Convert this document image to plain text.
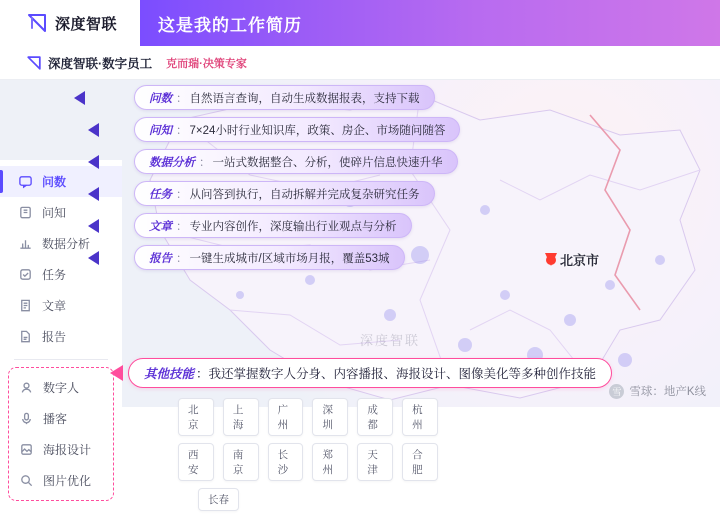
深度智联 这是我的工作简历
深度智联·数字员工 克而瑞·决策专家
深度智联
北京市
问数
问知
数据分析
任务
文章
报告
数字人
播客
海报设计
图片优化
问数 ： 自然语言查询，自动生成数据报表，支持下载
问知 ： 7×24小时行业知识库，政策、房企、市场随问随答
数据分析 ： 一站式数据整合、分析，使碎片信息快速升华
任务 ： 从问答到执行，自动拆解并完成复杂研究任务
文章 ： 专业内容创作，深度输出行业观点与分析
报告 ： 一键生成城市/区域市场月报，覆盖53城
其他技能 ： 我还掌握数字人分身、内容播报、海报设计、图像美化等多种创作技能
北京
上海
广州
深圳
成都
杭州
西安
南京
长沙
郑州
天津
合肥
长春
雪 雪球：地产K线
